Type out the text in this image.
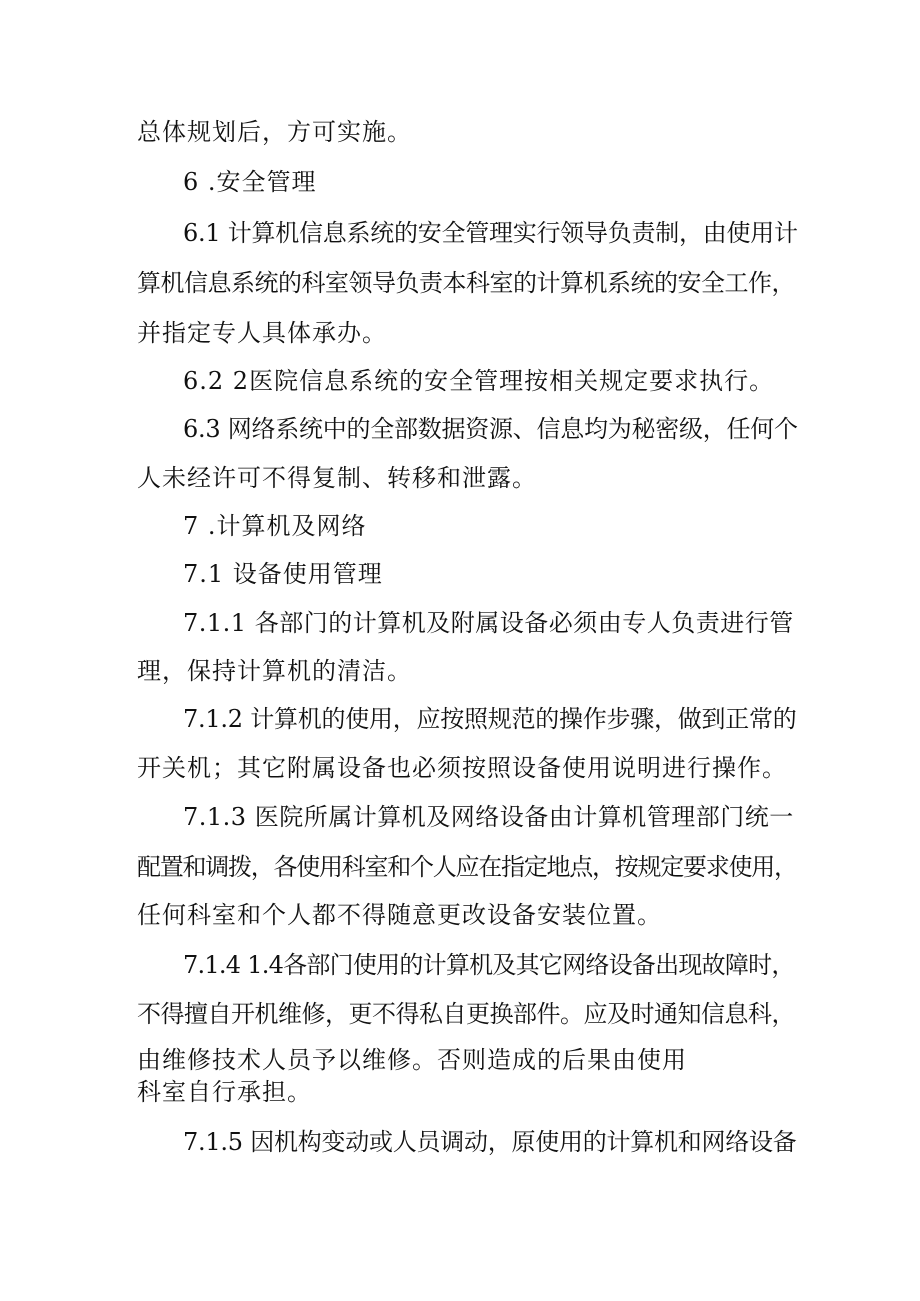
总体规划后，方可实施。
6 .安全管理
6.1 计算机信息系统的安全管理实行领导负责制，由使用计
算机信息系统的科室领导负责本科室的计算机系统的安全工作，
并指定专人具体承办。
6.2 2医院信息系统的安全管理按相关规定要求执行。
6.3 网络系统中的全部数据资源、信息均为秘密级，任何个
人未经许可不得复制、转移和泄露。
7 .计算机及网络
7.1 设备使用管理
7.1.1 各部门的计算机及附属设备必须由专人负责进行管
理，保持计算机的清洁。
7.1.2 计算机的使用，应按照规范的操作步骤，做到正常的
开关机；其它附属设备也必须按照设备使用说明进行操作。
7.1.3 医院所属计算机及网络设备由计算机管理部门统一
配置和调拨，各使用科室和个人应在指定地点，按规定要求使用，
任何科室和个人都不得随意更改设备安装位置。
7.1.4 1.4各部门使用的计算机及其它网络设备出现故障时，
不得擅自开机维修，更不得私自更换部件。应及时通知信息科，
由维修技术人员予以维修。否则造成的后果由使用
科室自行承担。
7.1.5 因机构变动或人员调动，原使用的计算机和网络设备
